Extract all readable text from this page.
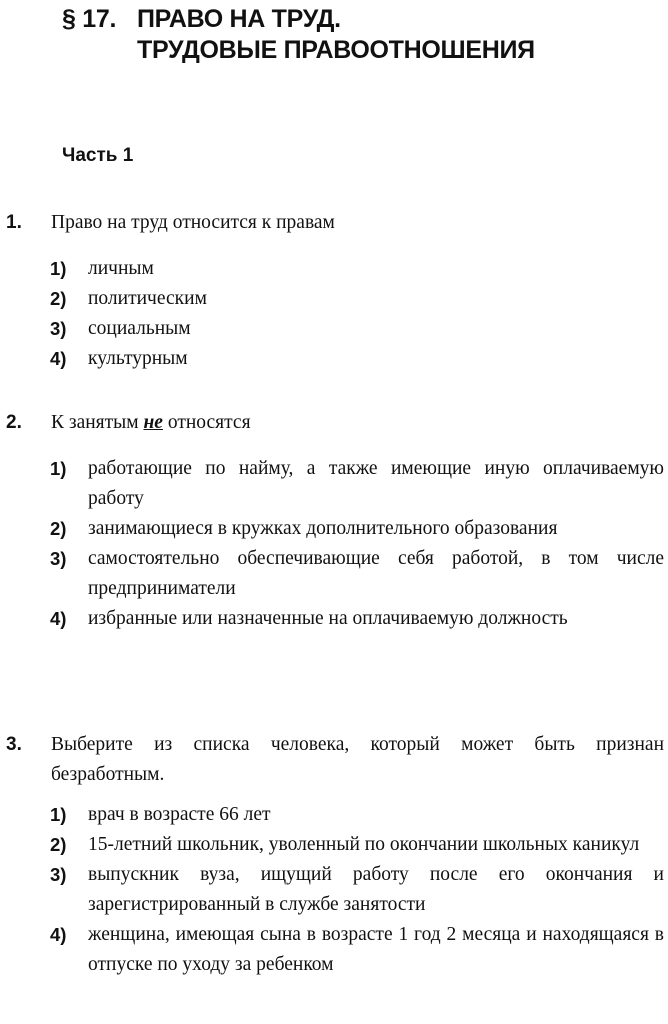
§ 17. ПРАВО НА ТРУД.
ТРУДОВЫЕ ПРАВООТНОШЕНИЯ
Часть 1
1. Право на труд относится к правам
1) личным
2) политическим
3) социальным
4) культурным
2. К занятым не относятся
1) работающие по найму, а также имеющие иную оплачиваемую работу
2) занимающиеся в кружках дополнительного образования
3) самостоятельно обеспечивающие себя работой, в том числе предприниматели
4) избранные или назначенные на оплачиваемую должность
3. Выберите из списка человека, который может быть признан безработным.
1) врач в возрасте 66 лет
2) 15-летний школьник, уволенный по окончании школьных каникул
3) выпускник вуза, ищущий работу после его окончания и зарегистрированный в службе занятости
4) женщина, имеющая сына в возрасте 1 год 2 месяца и находящаяся в отпуске по уходу за ребенком
